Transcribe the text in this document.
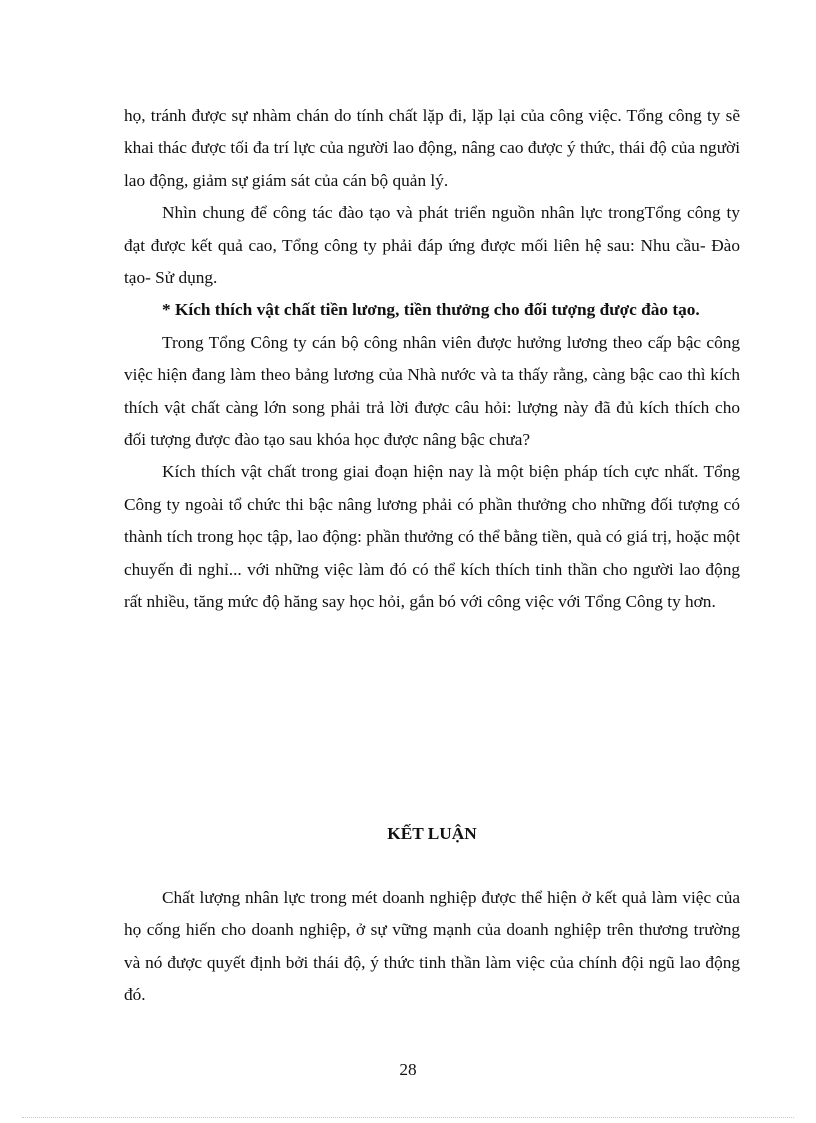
họ, tránh được sự nhàm chán do tính chất lặp đi, lặp lại của công việc. Tổng công ty sẽ khai thác được tối đa trí lực của người lao động, nâng cao được ý thức, thái độ của người lao động, giảm sự giám sát của cán bộ quản lý.

Nhìn chung để công tác đào tạo và phát triển nguồn nhân lực trongTổng công ty đạt được kết quả cao, Tổng công ty phải đáp ứng được mối liên hệ sau: Nhu cầu- Đào tạo- Sử dụng.

* Kích thích vật chất tiền lương, tiền thưởng cho đối tượng được đào tạo.

Trong Tổng Công ty cán bộ công nhân viên được hưởng lương theo cấp bậc công việc hiện đang làm theo bảng lương của Nhà nước và ta thấy rằng, càng bậc cao thì kích thích vật chất càng lớn song phải trả lời được câu hỏi: lượng này đã đủ kích thích cho đối tượng được đào tạo sau khóa học được nâng bậc chưa?

Kích thích vật chất trong giai đoạn hiện nay là một biện pháp tích cực nhất. Tổng Công ty ngoài tổ chức thi bậc nâng lương phải có phần thưởng cho những đối tượng có thành tích trong học tập, lao động: phần thưởng có thể bằng tiền, quà có giá trị, hoặc một chuyến đi nghỉ... với những việc làm đó có thể kích thích tinh thần cho người lao động rất nhiều, tăng mức độ hăng say học hỏi, gắn bó với công việc với Tổng Công ty hơn.

KẾT LUẬN

Chất lượng nhân lực trong mét doanh nghiệp được thể hiện ở kết quả làm việc của họ cống hiến cho doanh nghiệp, ở sự vững mạnh của doanh nghiệp trên thương trường và nó được quyết định bởi thái độ, ý thức tinh thần làm việc của chính đội ngũ lao động đó.

28
